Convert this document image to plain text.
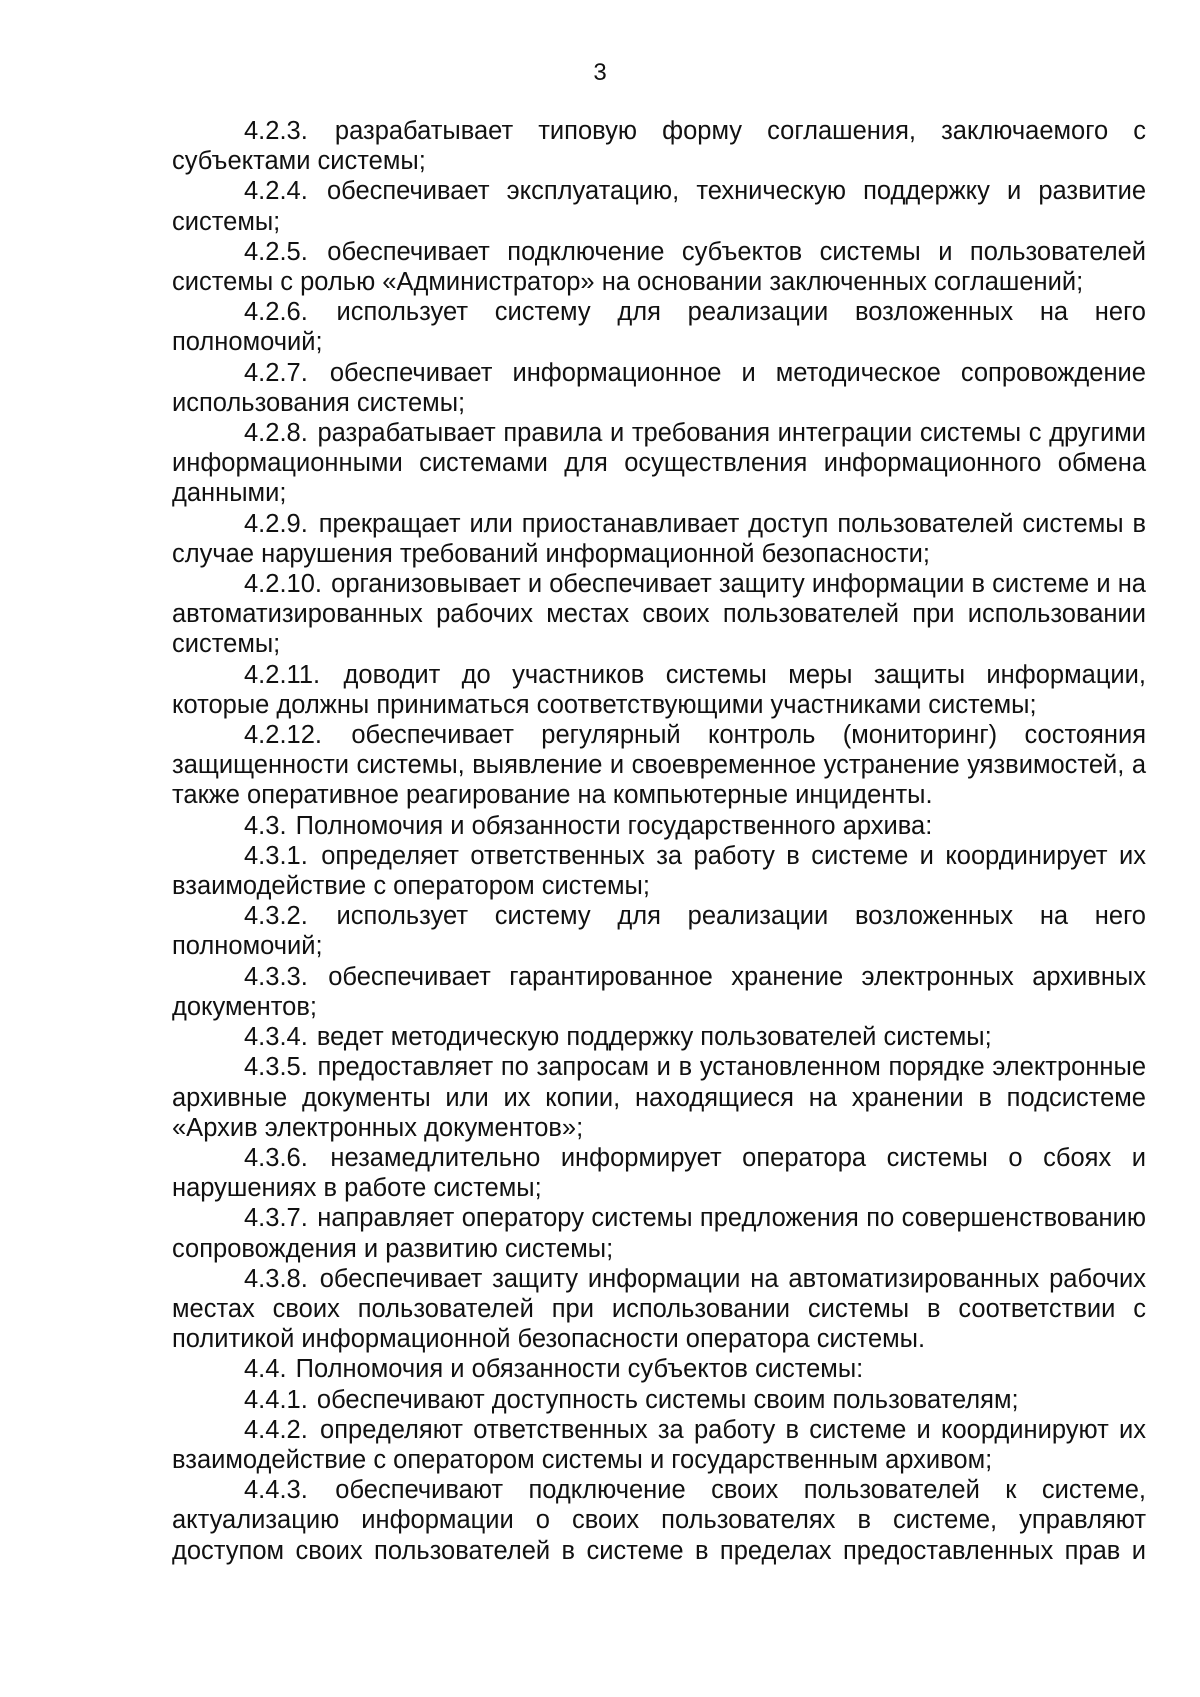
3

4.2.3. разрабатывает типовую форму соглашения, заключаемого с субъектами системы;

4.2.4. обеспечивает эксплуатацию, техническую поддержку и развитие системы;

4.2.5. обеспечивает подключение субъектов системы и пользователей системы с ролью «Администратор» на основании заключенных соглашений;

4.2.6. использует систему для реализации возложенных на него полномочий;

4.2.7. обеспечивает информационное и методическое сопровождение использования системы;

4.2.8. разрабатывает правила и требования интеграции системы с другими информационными системами для осуществления информационного обмена данными;

4.2.9. прекращает или приостанавливает доступ пользователей системы в случае нарушения требований информационной безопасности;

4.2.10. организовывает и обеспечивает защиту информации в системе и на автоматизированных рабочих местах своих пользователей при использовании системы;

4.2.11. доводит до участников системы меры защиты информации, которые должны приниматься соответствующими участниками системы;

4.2.12. обеспечивает регулярный контроль (мониторинг) состояния защищенности системы, выявление и своевременное устранение уязвимостей, а также оперативное реагирование на компьютерные инциденты.

4.3. Полномочия и обязанности государственного архива:

4.3.1. определяет ответственных за работу в системе и координирует их взаимодействие с оператором системы;

4.3.2. использует систему для реализации возложенных на него полномочий;

4.3.3. обеспечивает гарантированное хранение электронных архивных документов;

4.3.4. ведет методическую поддержку пользователей системы;

4.3.5. предоставляет по запросам и в установленном порядке электронные архивные документы или их копии, находящиеся на хранении в подсистеме «Архив электронных документов»;

4.3.6. незамедлительно информирует оператора системы о сбоях и нарушениях в работе системы;

4.3.7. направляет оператору системы предложения по совершенствованию сопровождения и развитию системы;

4.3.8. обеспечивает защиту информации на автоматизированных рабочих местах своих пользователей при использовании системы в соответствии с политикой информационной безопасности оператора системы.

4.4. Полномочия и обязанности субъектов системы:

4.4.1. обеспечивают доступность системы своим пользователям;

4.4.2. определяют ответственных за работу в системе и координируют их взаимодействие с оператором системы и государственным архивом;

4.4.3. обеспечивают подключение своих пользователей к системе, актуализацию информации о своих пользователях в системе, управляют доступом своих пользователей в системе в пределах предоставленных прав и
